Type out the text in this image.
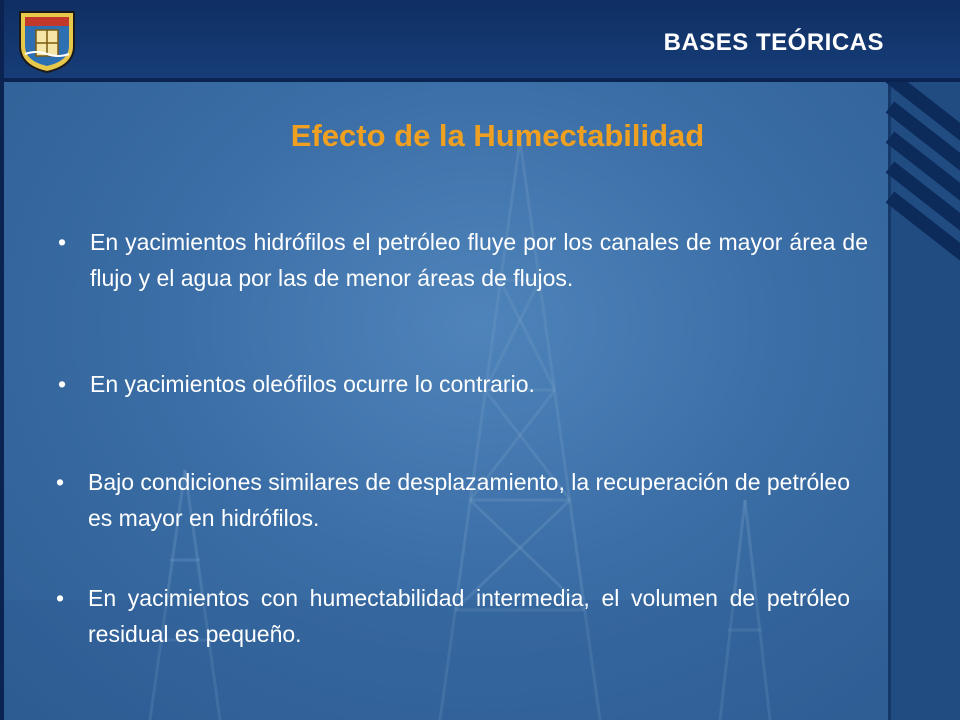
BASES TEÓRICAS
Efecto de la Humectabilidad
•	En yacimientos hidrófilos el petróleo fluye por los canales de mayor área de flujo y el agua por las de menor áreas de flujos.
•	En yacimientos oleófilos ocurre lo contrario.
•	Bajo condiciones similares de desplazamiento, la recuperación de petróleo es mayor en hidrófilos.
•	En yacimientos con humectabilidad intermedia, el volumen de petróleo residual es pequeño.
